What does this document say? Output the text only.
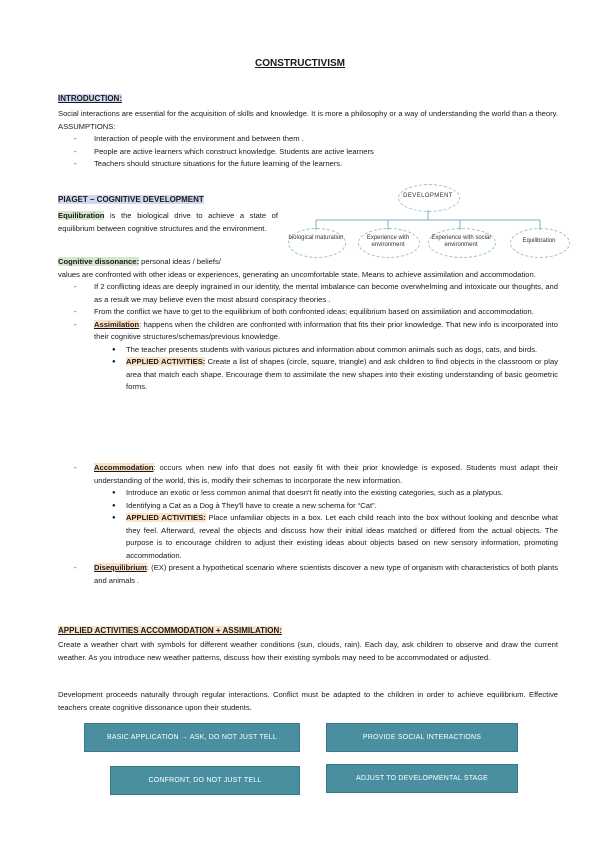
CONSTRUCTIVISM
INTRODUCTION:
Social interactions are essential for the acquisition of skills and knowledge. It is more a philosophy or a way of understanding the world than a theory. ASSUMPTIONS:
- Interaction of people with the environment and between them .
- People are active learners which construct knowledge. Students are active learners
- Teachers should structure situations for the future learning of the learners.
PIAGET – COGNITIVE DEVELOPMENT
Equilibration is the biological drive to achieve a state of equilibrium between cognitive structures and the environment.
DEVELOPMENT
biological maturation	Experience with environment
Experience with social environment
Equilibration
Cognitive dissonance: personal ideas / beliefs/
values are confronted with other ideas or experiences, generating an uncomfortable state. Means to achieve assimilation and accommodation.
- If 2 conflicting ideas are deeply ingrained in our identity, the mental imbalance can become overwhelming and intoxicate our thoughts, and as a result we may believe even the most absurd conspiracy theories .
- From the conflict we have to get to the equilibrium of both confronted ideas; equilibrium based on assimilation and accommodation.
- Assimilation: happens when the children are confronted with information that fits their prior knowledge. That new info is incorporated into their cognitive structures/schemas/previous knowledge.
● The teacher presents students with various pictures and information about common animals such as dogs, cats, and birds.
● APPLIED ACTIVITIES: Create a list of shapes (circle, square, triangle) and ask children to find objects in the classroom or play area that match each shape. Encourage them to assimilate the new shapes into their existing understanding of basic geometric forms.
- Accommodation: occurs when new info that does not easily fit with their prior knowledge is exposed. Students must adapt their understanding of the world, this is, modify their schemas to incorporate the new information.
● Introduce an exotic or less common animal that doesn't fit neatly into the existing categories, such as a platypus.
● Identifying a Cat as a Dog à They'll have to create a new schema for “Cat”.
● APPLIED ACTIVITIES: Place unfamiliar objects in a box. Let each child reach into the box without looking and describe what they feel. Afterward, reveal the objects and discuss how their initial ideas matched or differed from the actual objects. The purpose is to encourage children to adjust their existing ideas about objects based on new sensory information, promoting accommodation.
- Disequilibrium: (EX) present a hypothetical scenario where scientists discover a new type of organism with characteristics of both plants and animals .
APPLIED ACTIVITIES ACCOMMODATION + ASSIMILATION:
Create a weather chart with symbols for different weather conditions (sun, clouds, rain). Each day, ask children to observe and draw the current weather. As you introduce new weather patterns, discuss how their existing symbols may need to be accommodated or adjusted.
Development proceeds naturally through regular interactions. Conflict must be adapted to the children in order to achieve equilibrium. Effective teachers create cognitive dissonance upon their students.
BASIC APPLICATION → ASK, DO NOT JUST TELL	PROVIDE SOCIAL INTERACTIONS
CONFRONT, DO NOT JUST TELL	ADJUST TO DEVELOPMENTAL STAGE
